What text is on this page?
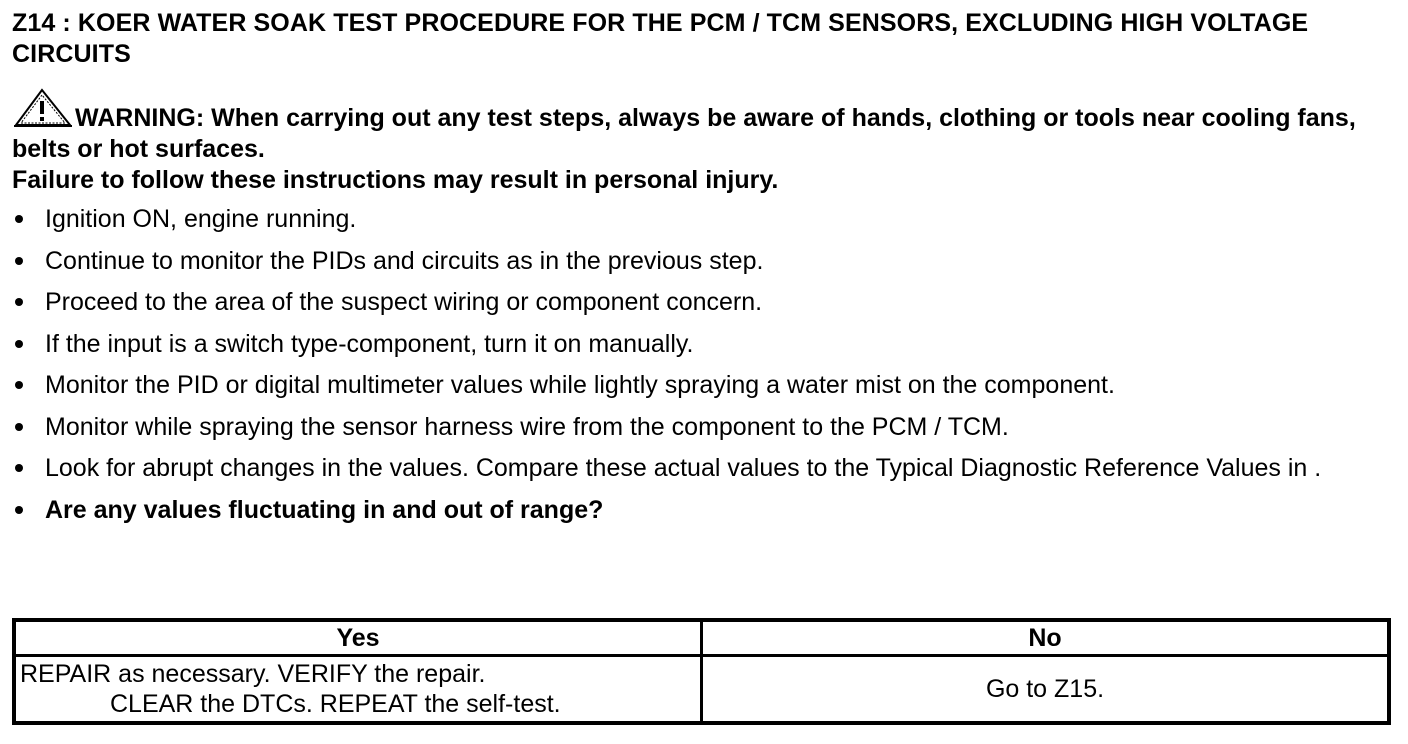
Z14 : KOER WATER SOAK TEST PROCEDURE FOR THE PCM / TCM SENSORS, EXCLUDING HIGH VOLTAGE CIRCUITS
WARNING: When carrying out any test steps, always be aware of hands, clothing or tools near cooling fans, belts or hot surfaces.
Failure to follow these instructions may result in personal injury.
Ignition ON, engine running.
Continue to monitor the PIDs and circuits as in the previous step.
Proceed to the area of the suspect wiring or component concern.
If the input is a switch type-component, turn it on manually.
Monitor the PID or digital multimeter values while lightly spraying a water mist on the component.
Monitor while spraying the sensor harness wire from the component to the PCM / TCM.
Look for abrupt changes in the values. Compare these actual values to the Typical Diagnostic Reference Values in .
Are any values fluctuating in and out of range?
Yes	No
REPAIR as necessary. VERIFY the repair.
CLEAR the DTCs. REPEAT the self-test.	Go to Z15.
